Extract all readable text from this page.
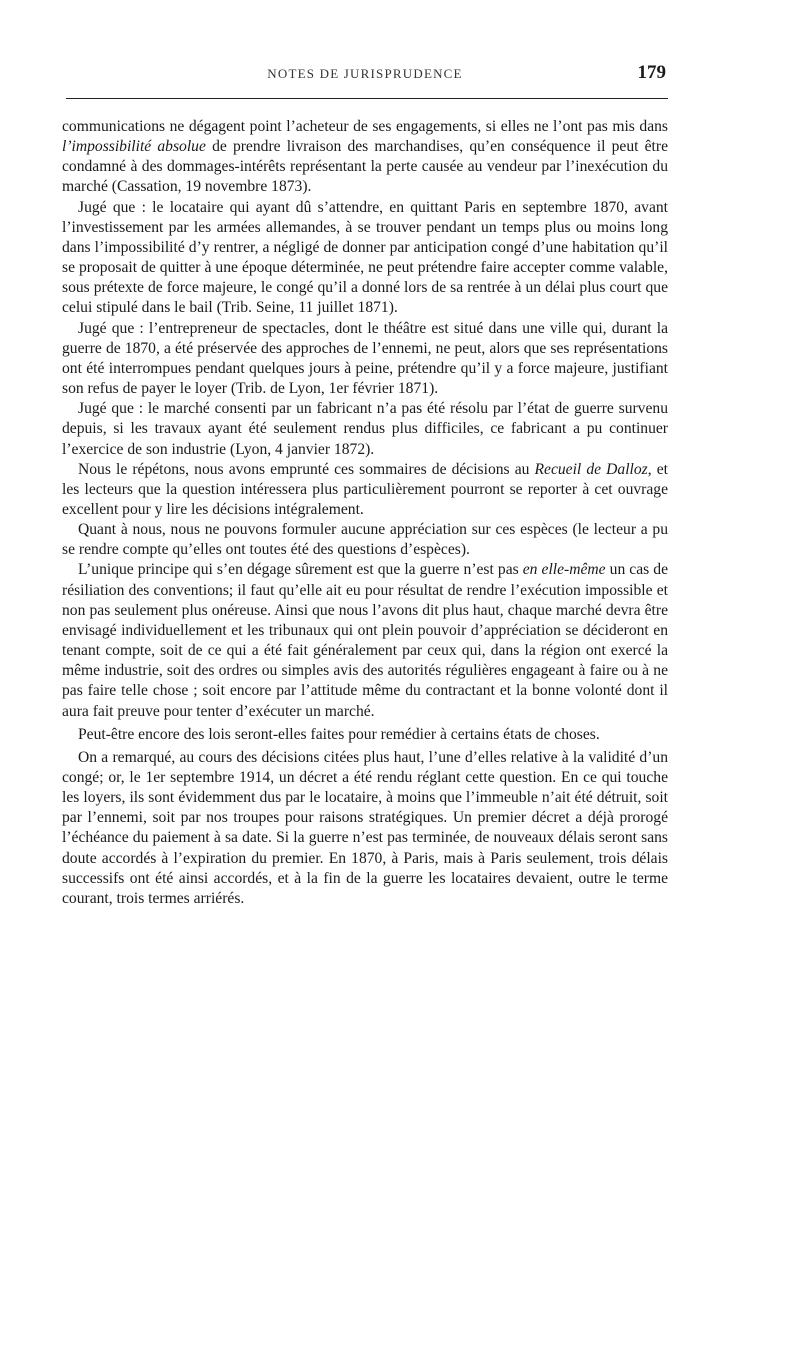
NOTES DE JURISPRUDENCE	179

communications ne dégagent point l’acheteur de ses engagements, si elles ne l’ont pas mis dans l’impossibilité absolue de prendre livraison des marchandises, qu’en conséquence il peut être condamné à des dommages-intérêts représentant la perte causée au vendeur par l’inexécution du marché (Cassation, 19 novembre 1873).

Jugé que : le locataire qui ayant dû s’attendre, en quittant Paris en septembre 1870, avant l’investissement par les armées allemandes, à se trouver pendant un temps plus ou moins long dans l’impossibilité d’y rentrer, a négligé de donner par anticipation congé d’une habitation qu’il se proposait de quitter à une époque déterminée, ne peut prétendre faire accepter comme valable, sous prétexte de force majeure, le congé qu’il a donné lors de sa rentrée à un délai plus court que celui stipulé dans le bail (Trib. Seine, 11 juillet 1871).

Jugé que : l’entrepreneur de spectacles, dont le théâtre est situé dans une ville qui, durant la guerre de 1870, a été préservée des approches de l’ennemi, ne peut, alors que ses représentations ont été interrompues pendant quelques jours à peine, prétendre qu’il y a force majeure, justifiant son refus de payer le loyer (Trib. de Lyon, 1er février 1871).

Jugé que : le marché consenti par un fabricant n’a pas été résolu par l’état de guerre survenu depuis, si les travaux ayant été seulement rendus plus difficiles, ce fabricant a pu continuer l’exercice de son industrie (Lyon, 4 janvier 1872).

Nous le répétons, nous avons emprunté ces sommaires de décisions au Recueil de Dalloz, et les lecteurs que la question intéressera plus particulièrement pourront se reporter à cet ouvrage excellent pour y lire les décisions intégralement.

Quant à nous, nous ne pouvons formuler aucune appréciation sur ces espèces (le lecteur a pu se rendre compte qu’elles ont toutes été des questions d’espèces).

L’unique principe qui s’en dégage sûrement est que la guerre n’est pas en elle-même un cas de résiliation des conventions; il faut qu’elle ait eu pour résultat de rendre l’exécution impossible et non pas seulement plus onéreuse. Ainsi que nous l’avons dit plus haut, chaque marché devra être envisagé individuellement et les tribunaux qui ont plein pouvoir d’appréciation se décideront en tenant compte, soit de ce qui a été fait généralement par ceux qui, dans la région ont exercé la même industrie, soit des ordres ou simples avis des autorités régulières engageant à faire ou à ne pas faire telle chose ; soit encore par l’attitude même du contractant et la bonne volonté dont il aura fait preuve pour tenter d’exécuter un marché.

Peut-être encore des lois seront-elles faites pour remédier à certains états de choses.

On a remarqué, au cours des décisions citées plus haut, l’une d’elles relative à la validité d’un congé; or, le 1er septembre 1914, un décret a été rendu réglant cette question. En ce qui touche les loyers, ils sont évidemment dus par le locataire, à moins que l’immeuble n’ait été détruit, soit par l’ennemi, soit par nos troupes pour raisons stratégiques. Un premier décret a déjà prorogé l’échéance du paiement à sa date. Si la guerre n’est pas terminée, de nouveaux délais seront sans doute accordés à l’expiration du premier. En 1870, à Paris, mais à Paris seulement, trois délais successifs ont été ainsi accordés, et à la fin de la guerre les locataires devaient, outre le terme courant, trois termes arriérés.
